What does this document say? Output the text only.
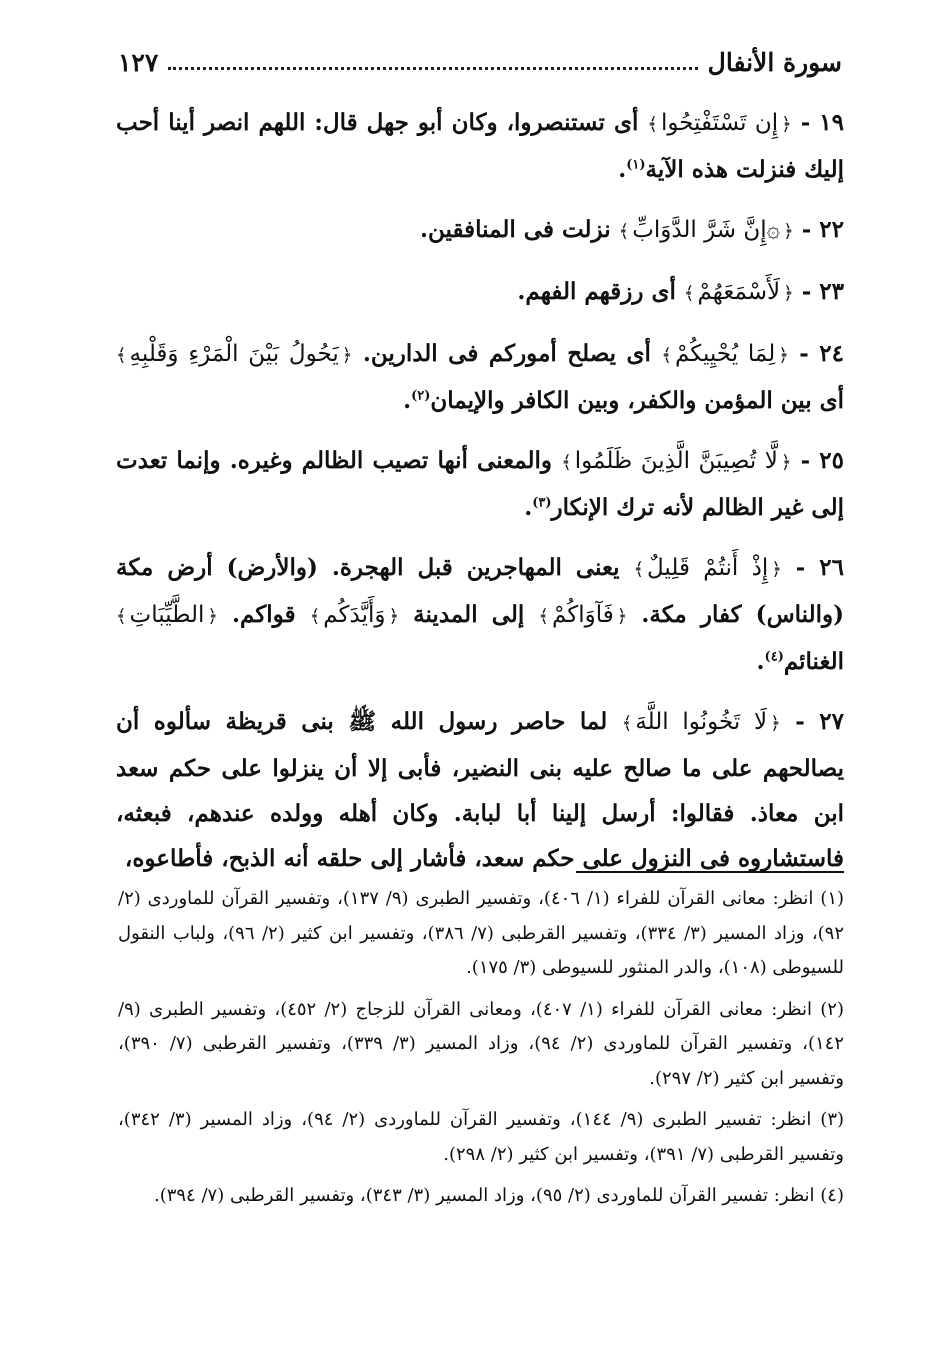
سورة الأنفال
١٢٧

١٩ - ﴿ إِن تَسْتَفْتِحُوا ﴾ أى تستنصروا، وكان أبو جهل قال: اللهم انصر أينا أحب إليك فنزلت هذه الآية$^{(١)}$.

٢٢ - ﴿ ۞إِنَّ شَرَّ الدَّوَابِّ ﴾ نزلت فى المنافقين.

٢٣ - ﴿ لَأَسْمَعَهُمْ ﴾ أى رزقهم الفهم.

٢٤ - ﴿ لِمَا يُحْيِيكُمْ ﴾ أى يصلح أموركم فى الدارين. ﴿ يَحُولُ بَيْنَ الْمَرْءِ وَقَلْبِهِ ﴾ أى بين المؤمن والكفر، وبين الكافر والإيمان$^{(٢)}$.

٢٥ - ﴿ لَّا تُصِيبَنَّ الَّذِينَ ظَلَمُوا ﴾ والمعنى أنها تصيب الظالم وغيره. وإنما تعدت إلى غير الظالم لأنه ترك الإنكار$^{(٣)}$.

٢٦ - ﴿ إِذْ أَنتُمْ قَلِيلٌ ﴾ يعنى المهاجرين قبل الهجرة. (والأرض) أرض مكة (والناس) كفار مكة. ﴿ فَآوَاكُمْ ﴾ إلى المدينة ﴿ وَأَيَّدَكُم ﴾ قواكم. ﴿ الطَّيِّبَاتِ ﴾ الغنائم$^{(٤)}$.

٢٧ - ﴿ لَا تَخُونُوا اللَّهَ ﴾ لما حاصر رسول الله ﷺ بنى قريظة سألوه أن يصالحهم على ما صالح عليه بنى النضير، فأبى إلا أن ينزلوا على حكم سعد ابن معاذ. فقالوا: أرسل إلينا أبا لبابة. وكان أهله وولده عندهم، فبعثه، فاستشاروه فى النزول على حكم سعد، فأشار إلى حلقه أنه الذبح، فأطاعوه،

(١) انظر: معانى القرآن للفراء (١/ ٤٠٦)، وتفسير الطبرى (٩/ ١٣٧)، وتفسير القرآن للماوردى (٢/ ٩٢)، وزاد المسير (٣/ ٣٣٤)، وتفسير القرطبى (٧/ ٣٨٦)، وتفسير ابن كثير (٢/ ٩٦)، ولباب النقول للسيوطى (١٠٨)، والدر المنثور للسيوطى (٣/ ١٧٥).

(٢) انظر: معانى القرآن للفراء (١/ ٤٠٧)، ومعانى القرآن للزجاج (٢/ ٤٥٢)، وتفسير الطبرى (٩/ ١٤٢)، وتفسير القرآن للماوردى (٢/ ٩٤)، وزاد المسير (٣/ ٣٣٩)، وتفسير القرطبى (٧/ ٣٩٠)، وتفسير ابن كثير (٢/ ٢٩٧).

(٣) انظر: تفسير الطبرى (٩/ ١٤٤)، وتفسير القرآن للماوردى (٢/ ٩٤)، وزاد المسير (٣/ ٣٤٢)، وتفسير القرطبى (٧/ ٣٩١)، وتفسير ابن كثير (٢/ ٢٩٨).

(٤) انظر: تفسير القرآن للماوردى (٢/ ٩٥)، وزاد المسير (٣/ ٣٤٣)، وتفسير القرطبى (٧/ ٣٩٤).
